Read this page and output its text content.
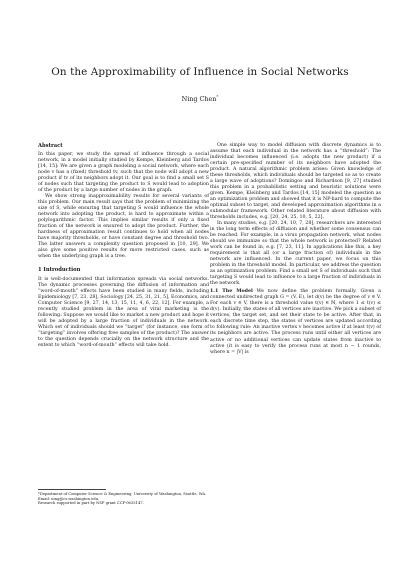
On the Approximability of Influence in Social Networks
Ning Chen*
Abstract

In this paper, we study the spread of influence through a social network, in a model initially studied by Kempe, Kleinberg and Tardos [14, 15]: We are given a graph modeling a social network, where each node v has a (fixed) threshold tv, such that the node will adopt a new product if tv of its neighbors adopt it. Our goal is to find a small set S of nodes such that targeting the product to S would lead to adoption of the product by a large number of nodes in the graph.

We show strong inapproximability results for several variants of this problem. Our main result says that the problem of minimizing the size of S, while ensuring that targeting S would influence the whole network into adopting the product, is hard to approximate within a polylogarithmic factor. This implies similar results if only a fixed fraction of the network is ensured to adopt the product. Further, the hardness of approximation result continues to hold when all nodes have majority thresholds, or have constant degree and threshold two. The latter answers a complexity question proposed in [10, 29]. We also give some positive results for more restricted cases, such as when the underlying graph is a tree.

1 Introduction

It is well-documented that information spreads via social networks. The dynamic processes governing the diffusion of information and “word-of-mouth” effects have been studied in many fields, including Epidemiology [7, 23, 28], Sociology [24, 25, 31, 21, 5], Economics, and Computer Science [9, 27, 14, 13, 15, 11, 4, 6, 22, 12]. For example, a recently studied problem in the area of viral marketing is the following: Suppose we would like to market a new product and hope it will be adopted by a large fraction of individuals in the network. Which set of individuals should we “target” (for instance, one form of “targeting” involves offering free samples of the product)? The answer to the question depends crucially on the network structure and the extent to which “word-of-mouth” effects will take hold.

*Department of Computer Science & Engineering, University of Washington, Seattle, WA. Email: ning@cs.washington.edu.
Research supported in part by NSF grant CCF-0635147.

One simple way to model diffusion with discrete dynamics is to assume that each individual in the network has a “threshold”: The individual becomes influenced (i.e. adopts the new product) if a certain pre-specified number of its neighbors have adopted the product. A natural algorithmic problem arises: Given knowledge of these thresholds, which individuals should be targeted so as to create a large wave of adoptions? Domingos and Richardson [9, 27] studied this problem in a probabilistic setting and heuristic solutions were given. Kempe, Kleinberg and Tardos [14, 15] modeled the question as an optimization problem and showed that it is NP-hard to compute the optimal subset to target, and developed approximation algorithms in a submodular framework. Other related literature about diffusion with thresholds includes, e.g. [20, 24, 25, 10, 5, 22].

In many studies, e.g. [20, 24, 10, 7, 28], researchers are interested in the long term effects of diffusion and whether some consensus can be reached. For example, in a virus propagation network, what nodes should we immunize so that the whole network is protected? Related work can be found in, e.g. [7, 23, 11]. In applications like this, a key requirement is that all (or a large fraction of) individuals in the network are influenced. In the current paper, we focus on this problem in the threshold model. In particular, we address the question as an optimization problem: Find a small set S of individuals such that targeting S would lead to influence to a large fraction of individuals in the network.

1.1 The Model We now define the problem formally. Given a connected undirected graph G = (V, E), let d(v) be the degree of v ∈ V. For each v ∈ V, there is a threshold value t(v) ∈ ℕ, where 1 ≤ t(v) ≤ d(v). Initially, the states of all vertices are inactive. We pick a subset of vertices, the target set, and set their state to be active. After that, in each discrete time step, the states of vertices are updated according to following rule: An inactive vertex v becomes active if at least t(v) of its neighbors are active. The process runs until either all vertices are active or no additional vertices can update states from inactive to active (it is easy to verify the process runs at most n − 1 rounds, where n = |V| is
